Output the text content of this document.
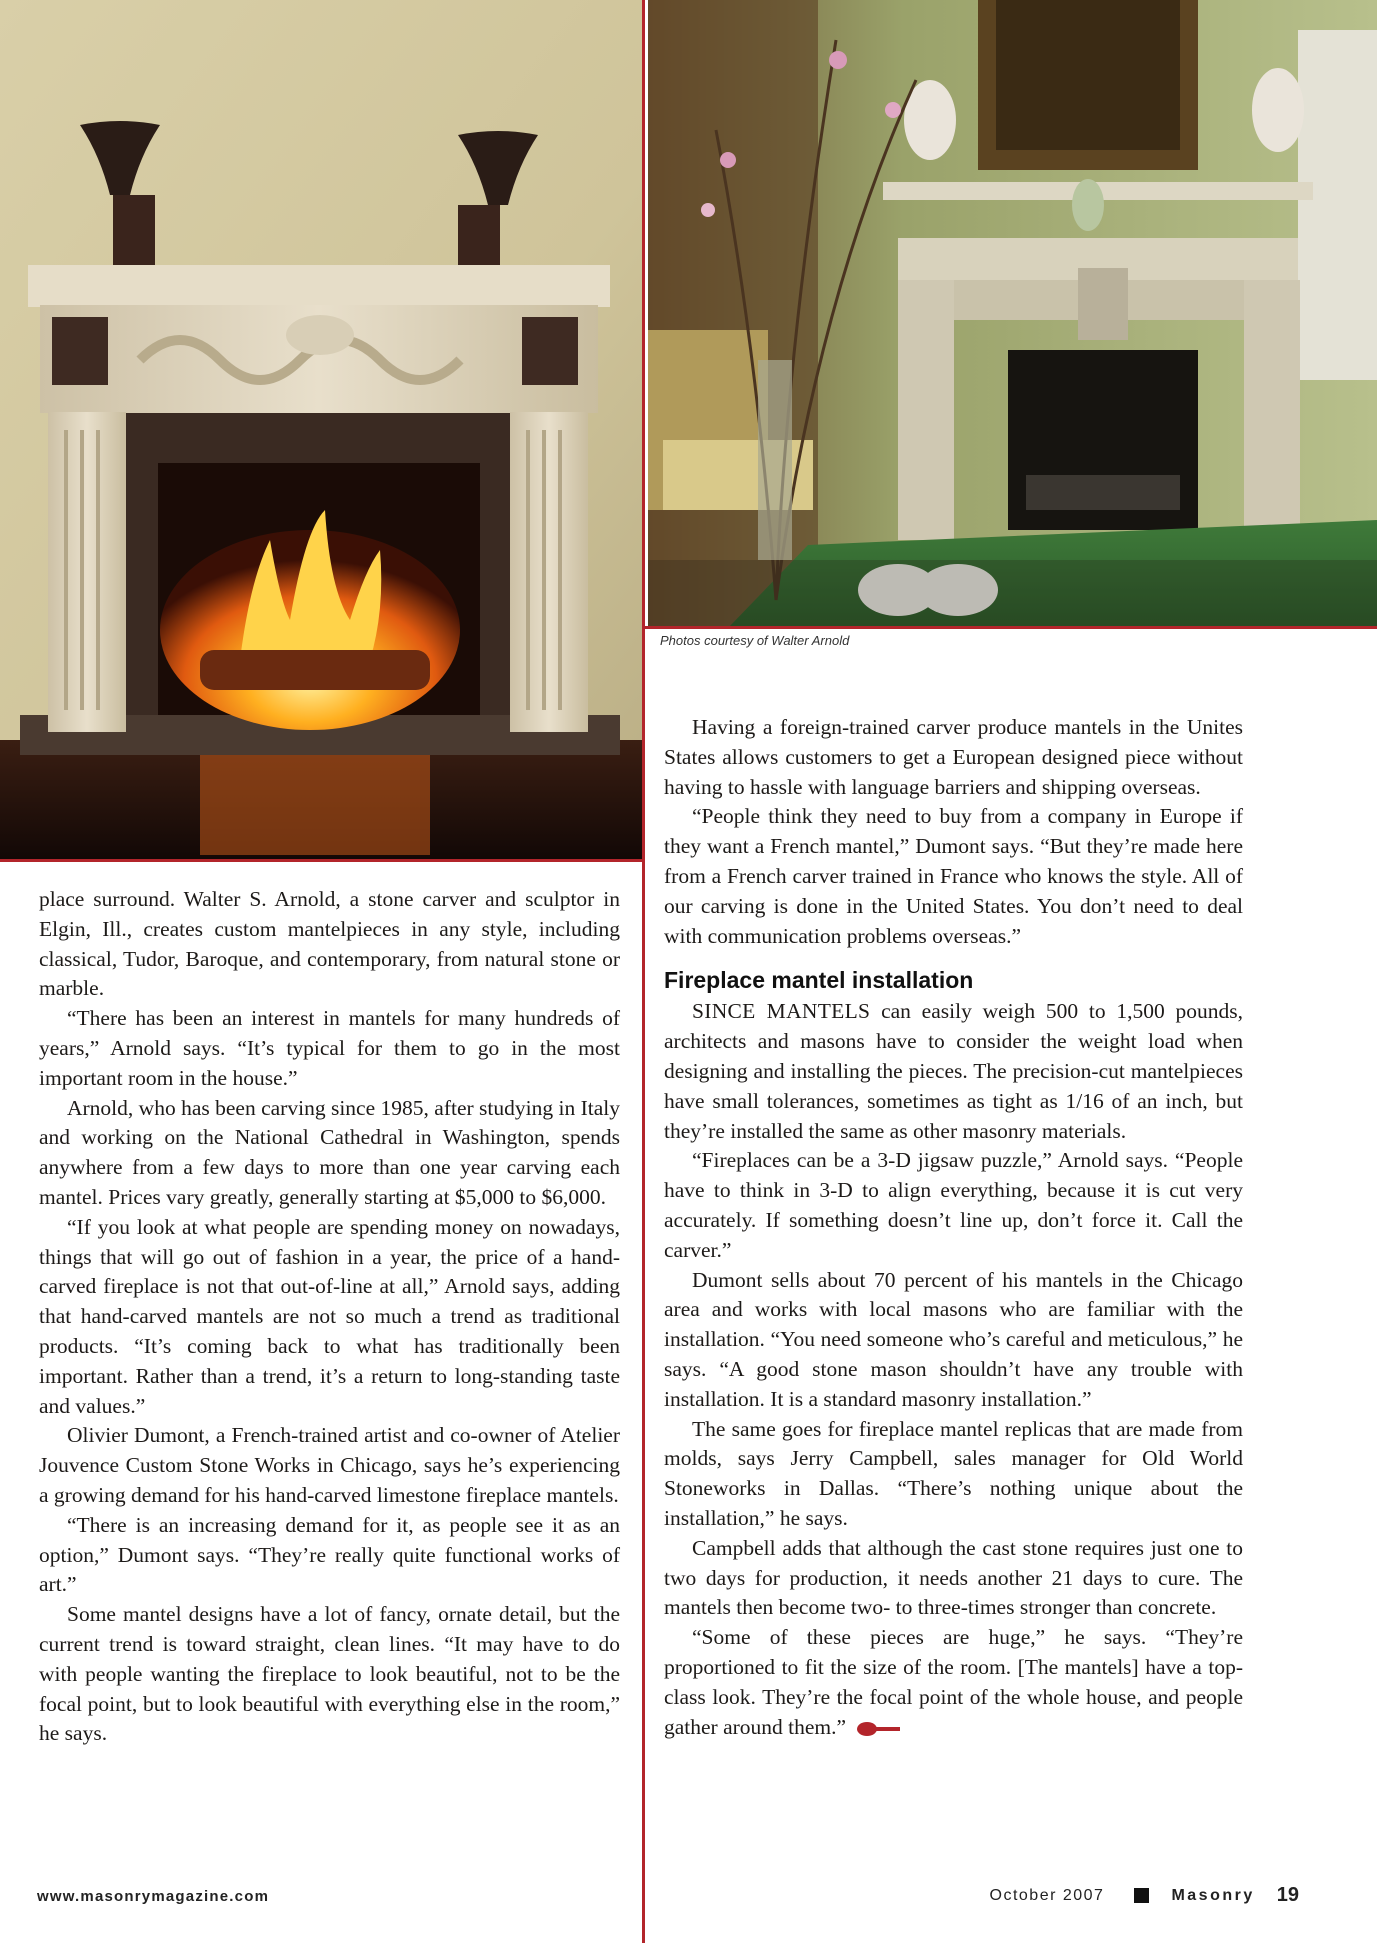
Photos courtesy of Walter Arnold

place surround. Walter S. Arnold, a stone carver and sculptor in Elgin, Ill., creates custom mantelpieces in any style, including classical, Tudor, Baroque, and contemporary, from natural stone or marble.

“There has been an interest in mantels for many hundreds of years,” Arnold says. “It’s typical for them to go in the most important room in the house.”

Arnold, who has been carving since 1985, after studying in Italy and working on the National Cathedral in Washington, spends anywhere from a few days to more than one year carving each mantel. Prices vary greatly, generally starting at $5,000 to $6,000.

“If you look at what people are spending money on nowadays, things that will go out of fashion in a year, the price of a hand-carved fireplace is not that out-of-line at all,” Arnold says, adding that hand-carved mantels are not so much a trend as traditional products. “It’s coming back to what has traditionally been important. Rather than a trend, it’s a return to long-standing taste and values.”

Olivier Dumont, a French-trained artist and co-owner of Atelier Jouvence Custom Stone Works in Chicago, says he’s experiencing a growing demand for his hand-carved limestone fireplace mantels.

“There is an increasing demand for it, as people see it as an option,” Dumont says. “They’re really quite functional works of art.”

Some mantel designs have a lot of fancy, ornate detail, but the current trend is toward straight, clean lines. “It may have to do with people wanting the fireplace to look beautiful, not to be the focal point, but to look beautiful with everything else in the room,” he says.

Having a foreign-trained carver produce mantels in the Unites States allows customers to get a European designed piece without having to hassle with language barriers and shipping overseas.

“People think they need to buy from a company in Europe if they want a French mantel,” Dumont says. “But they’re made here from a French carver trained in France who knows the style. All of our carving is done in the United States. You don’t need to deal with communication problems overseas.”

Fireplace mantel installation

SINCE MANTELS can easily weigh 500 to 1,500 pounds, architects and masons have to consider the weight load when designing and installing the pieces. The precision-cut mantelpieces have small tolerances, sometimes as tight as 1/16 of an inch, but they’re installed the same as other masonry materials.

“Fireplaces can be a 3-D jigsaw puzzle,” Arnold says. “People have to think in 3-D to align everything, because it is cut very accurately. If something doesn’t line up, don’t force it. Call the carver.”

Dumont sells about 70 percent of his mantels in the Chicago area and works with local masons who are familiar with the installation. “You need someone who’s careful and meticulous,” he says. “A good stone mason shouldn’t have any trouble with installation. It is a standard masonry installation.”

The same goes for fireplace mantel replicas that are made from molds, says Jerry Campbell, sales manager for Old World Stoneworks in Dallas. “There’s nothing unique about the installation,” he says.

Campbell adds that although the cast stone requires just one to two days for production, it needs another 21 days to cure. The mantels then become two- to three-times stronger than concrete.

“Some of these pieces are huge,” he says. “They’re proportioned to fit the size of the room. [The mantels] have a top-class look. They’re the focal point of the whole house, and people gather around them.”

www.masonrymagazine.com	October 2007	Masonry 19
